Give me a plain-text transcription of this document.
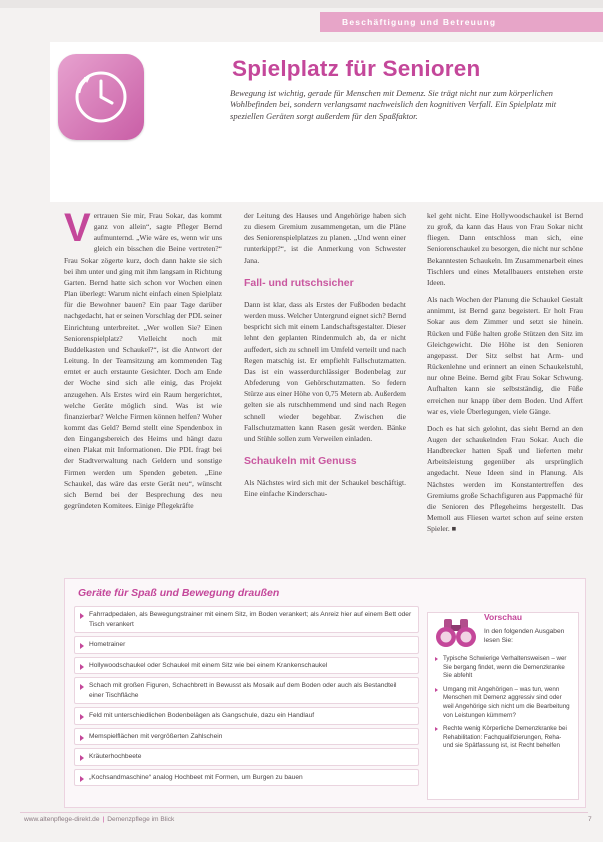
Beschäftigung und Betreuung
Spielplatz für Senioren

Bewegung ist wichtig, gerade für Menschen mit Demenz. Sie trägt nicht nur zum körperlichen Wohlbefinden bei, sondern verlangsamt nachweislich den kognitiven Verfall. Ein Spielplatz mit speziellen Geräten sorgt außerdem für den Spaßfaktor.

Vertrauen Sie mir, Frau Sokar, das kommt ganz von allein“, sagte Pfleger Bernd aufmunternd. „Wie wäre es, wenn wir uns gleich ein bisschen die Beine vertreten?“ Frau Sokar zögerte kurz, doch dann hakte sie sich bei ihm unter und ging mit ihm langsam in Richtung Garten. Bernd hatte sich schon vor Wochen einen Plan überlegt: Warum nicht einfach einen Spielplatz für die Bewohner bauen? Ein paar Tage darüber nachgedacht, hat er seinen Vorschlag der PDL seiner Einrichtung unterbreitet. „Wer wollen Sie? Einen Seniorenspielplatz? Vielleicht noch mit Buddelkasten und Schaukel?“, ist die Antwort der Leitung. In der Teamsitzung am kommenden Tag erntet er auch erstaunte Gesichter. Doch am Ende der Woche sind sich alle einig, das Projekt anzugehen. Als Erstes wird ein Raum hergerichtet, welche Geräte möglich sind. Was ist wie finanzierbar? Welche Firmen können helfen? Woher kommt das Geld? Bernd stellt eine Spendenbox in den Eingangsbereich des Heims und hängt dazu einen Plakat mit Informationen. Die PDL fragt bei der Stadtverwaltung nach Geldern und sonstige Firmen werden um Spenden gebeten. „Eine Schaukel, das wäre das erste Gerät neu“, wünscht sich Bernd bei der Besprechung des neu gegründeten Komitees. Einige Pflegekräfte

der Leitung des Hauses und Angehörige haben sich zu diesem Gremium zusammengetan, um die Pläne des Seniorenspielplatzes zu planen. „Und wenn einer runterkippt?“, ist die Anmerkung von Schwester Jana.

Fall- und rutschsicher

Dann ist klar, dass als Erstes der Fußboden bedacht werden muss. Welcher Untergrund eignet sich? Bernd bespricht sich mit einem Landschaftsgestalter. Dieser lehnt den geplanten Rindenmulch ab, da er nicht auffedert, sich zu schnell im Umfeld verteilt und nach Regen matschig ist. Er empfiehlt Fallschutzmatten. Das ist ein wasserdurchlässiger Bodenbelag zur Abfederung von Gehörschutzmatten. So federn Stürze aus einer Höhe von 0,75 Metern ab. Außerdem gelten sie als rutschhemmend und sind nach Regen schnell wieder begehbar. Zwischen die Fallschutzmatten kann Rasen gesät werden. Bänke und Stühle sollen zum Verweilen einladen.

Schaukeln mit Genuss

Als Nächstes wird sich mit der Schaukel beschäftigt. Eine einfache Kinderschau-

kel geht nicht. Eine Hollywoodschaukel ist Bernd zu groß, da kann das Haus von Frau Sokar nicht fliegen. Dann entschloss man sich, eine Seniorenschaukel zu besorgen, die nicht nur schöne Bekanntesten Schaukeln. Im Zusammenarbeit eines Tischlers und eines Metallbauers entstehen erste Ideen.

Als nach Wochen der Planung die Schaukel Gestalt annimmt, ist Bernd ganz begeistert. Er holt Frau Sokar aus dem Zimmer und setzt sie hinein. Rücken und Füße halten große Stützen den Sitz im Gleichgewicht. Die Höhe ist den Senioren angepasst. Der Sitz selbst hat Arm- und Rückenlehne und erinnert an einen Schaukelstuhl, nur ohne Beine. Bernd gibt Frau Sokar Schwung. Aufhalten kann sie selbstständig, die Füße erreichen nur knapp über dem Boden. Und Affert war es, viele Überlegungen, viele Gänge.

Doch es hat sich gelohnt, das sieht Bernd an den Augen der schaukelnden Frau Sokar. Auch die Handbrecker hatten Spaß und lieferten mehr Arbeitsleistung gegenüber als ursprünglich angedacht. Neue Ideen sind in Planung. Als Nächstes werden im Konstantertreffen des Gremiums große Schachfiguren aus Pappmaché für die Senioren des Pflegeheims hergestellt. Das Memoll aus Fliesen wartet schon auf seine ersten Spieler. ■

Geräte für Spaß und Bewegung draußen
Fahrradpedalen, als Bewegungstrainer mit einem Sitz, im Boden verankert; als Anreiz hier auf einem Bett oder Tisch verankert
Hometrainer
Hollywoodschaukel oder Schaukel mit einem Sitz wie bei einem Krankenschaukel
Schach mit großen Figuren, Schachbrett in Bewusst als Mosaik auf dem Boden oder auch als Bestandteil einer Tischfläche
Feld mit unterschiedlichen Bodenbelägen als Gangschule, dazu ein Handlauf
Memspielflächen mit vergrößerten Zahlschein
Kräuterhochbeete
„Kochsandmaschine“ analog Hochbeet mit Formen, um Burgen zu bauen

Vorschau

In den folgenden Ausgaben lesen Sie:

Typische Schwierige Verhaltensweisen – wer Sie bergang findet, wenn die Demenzkranke Sie abfehlt
Umgang mit Angehörigen – was tun, wenn Menschen mit Demenz aggressiv sind oder weil Angehörige sich nicht um die Bearbeitung von Leistungen kümmern?
Rechte wenig Körperliche Demenzkranke bei Rehabilitation: Fachqualifizierungen, Reha- und sie Spätfassung ist, ist Recht behelfen

www.altenpflege-direkt.de | Demenzpflege im Blick	7
